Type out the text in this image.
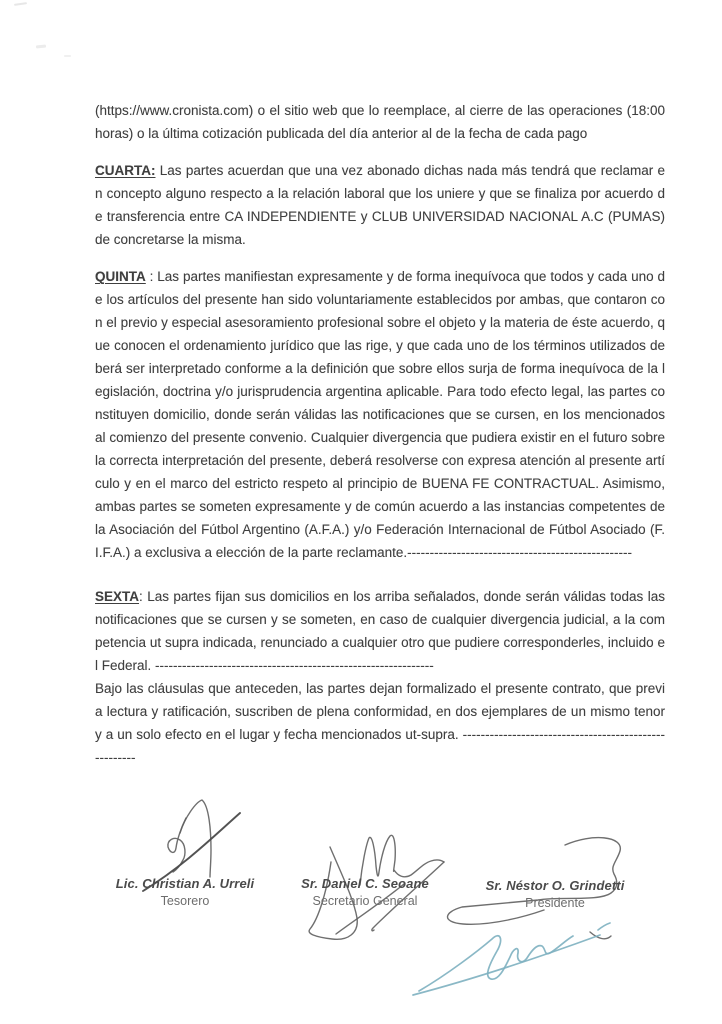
(https://www.cronista.com) o el sitio web que lo reemplace, al cierre de las operaciones (18:00 horas) o la última cotización publicada del día anterior al de la fecha de cada pago

CUARTA: Las partes acuerdan que una vez abonado dichas nada más tendrá que reclamar en concepto alguno respecto a la relación laboral que los uniere y que se finaliza por acuerdo de transferencia entre CA INDEPENDIENTE y CLUB UNIVERSIDAD NACIONAL A.C (PUMAS) de concretarse la misma.

QUINTA : Las partes manifiestan expresamente y de forma inequívoca que todos y cada uno de los artículos del presente han sido voluntariamente establecidos por ambas, que contaron con el previo y especial asesoramiento profesional sobre el objeto y la materia de éste acuerdo, que conocen el ordenamiento jurídico que las rige, y que cada uno de los términos utilizados deberá ser interpretado conforme a la definición que sobre ellos surja de forma inequívoca de la legislación, doctrina y/o jurisprudencia argentina aplicable. Para todo efecto legal, las partes constituyen domicilio, donde serán válidas las notificaciones que se cursen, en los mencionados al comienzo del presente convenio. Cualquier divergencia que pudiera existir en el futuro sobre la correcta interpretación del presente, deberá resolverse con expresa atención al presente artículo y en el marco del estricto respeto al principio de BUENA FE CONTRACTUAL. Asimismo, ambas partes se someten expresamente y de común acuerdo a las instancias competentes de la Asociación del Fútbol Argentino (A.F.A.) y/o Federación Internacional de Fútbol Asociado (F.I.F.A.) a exclusiva a elección de la parte reclamante.--------------------------------------------------

SEXTA: Las partes fijan sus domicilios en los arriba señalados, donde serán válidas todas las notificaciones que se cursen y se someten, en caso de cualquier divergencia judicial, a la competencia ut supra indicada, renunciado a cualquier otro que pudiere corresponderles, incluido el Federal. --------------------------------------------------------------

Bajo las cláusulas que anteceden, las partes dejan formalizado el presente contrato, que previa lectura y ratificación, suscriben de plena conformidad, en dos ejemplares de un mismo tenor y a un solo efecto en el lugar y fecha mencionados ut-supra. ------------------------------------------------------

Lic. Christian A. Urreli
Tesorero
Sr. Daniel C. Seoane
Secretario General
Sr. Néstor O. Grindetti
Presidente
